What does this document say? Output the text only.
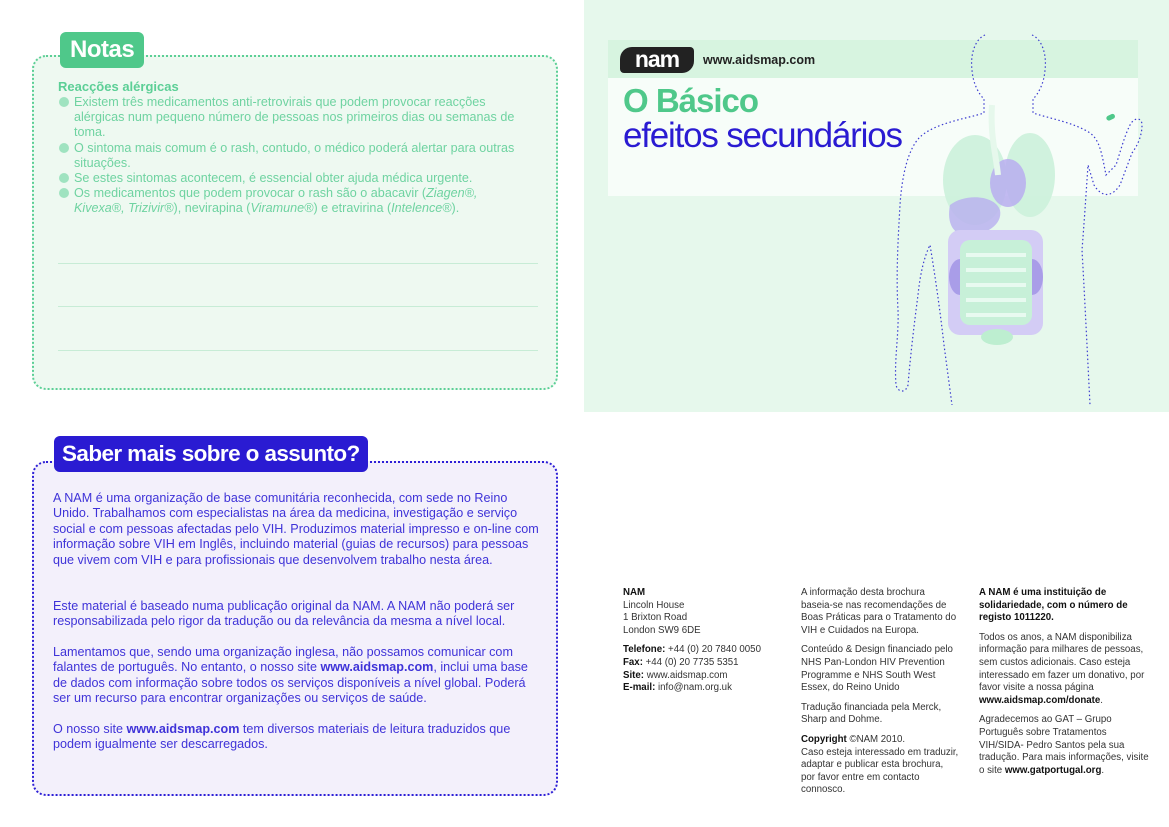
Notas
Reacções alérgicas
Existem três medicamentos anti-retrovirais que podem provocar reacções alérgicas num pequeno número de pessoas nos primeiros dias ou semanas de toma.
O sintoma mais comum é o rash, contudo, o médico poderá alertar para outras situações.
Se estes sintomas acontecem, é essencial obter ajuda médica urgente.
Os medicamentos que podem provocar o rash são o abacavir (Ziagen®, Kivexa®, Trizivir®), nevirapina (Viramune®) e etravirina (Intelence®).
Saber mais sobre o assunto?
A NAM é uma organização de base comunitária reconhecida, com sede no Reino Unido. Trabalhamos com especialistas na área da medicina, investigação e serviço social e com pessoas afectadas pelo VIH. Produzimos material impresso e on-line com informação sobre VIH em Inglês, incluindo material (guias de recursos) para pessoas que vivem com VIH e para profissionais que desenvolvem trabalho nesta área.
Este material é baseado numa publicação original da NAM. A NAM não poderá ser responsabilizada pelo rigor da tradução ou da relevância da mesma a nível local.
Lamentamos que, sendo uma organização inglesa, não possamos comunicar com falantes de português. No entanto, o nosso site www.aidsmap.com, inclui uma base de dados com informação sobre todos os serviços disponíveis a nível global. Poderá ser um recurso para encontrar organizações ou serviços de saúde.
O nosso site www.aidsmap.com tem diversos materiais de leitura traduzidos que podem igualmente ser descarregados.
nam	www.aidsmap.com
O Básico
efeitos secundários

NAM
Lincoln House
1 Brixton Road
London SW9 6DE

Telefone: +44 (0) 20 7840 0050
Fax: +44 (0) 20 7735 5351
Site: www.aidsmap.com
E-mail: info@nam.org.uk

A informação desta brochura baseia-se nas recomendações de Boas Práticas para o Tratamento do VIH e Cuidados na Europa.

Conteúdo & Design financiado pelo NHS Pan-London HIV Prevention Programme e NHS South West Essex, do Reino Unido

Tradução financiada pela Merck, Sharp and Dohme.

Copyright ©NAM 2010.
Caso esteja interessado em traduzir, adaptar e publicar esta brochura, por favor entre em contacto connosco.

A NAM é uma instituição de solidariedade, com o número de registo 1011220.

Todos os anos, a NAM disponibiliza informação para milhares de pessoas, sem custos adicionais. Caso esteja interessado em fazer um donativo, por favor visite a nossa página www.aidsmap.com/donate.

Agradecemos ao GAT – Grupo Português sobre Tratamentos VIH/SIDA- Pedro Santos pela sua tradução. Para mais informações, visite o site www.gatportugal.org.
